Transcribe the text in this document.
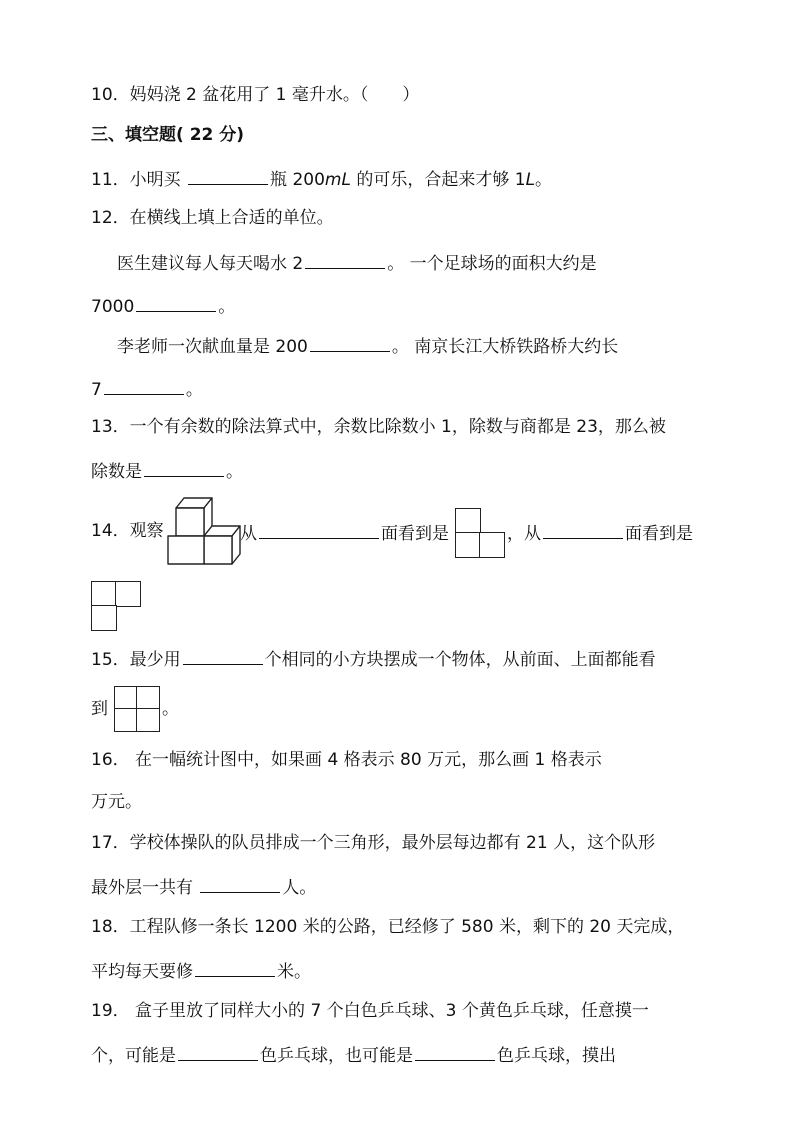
10．妈妈浇 2 盆花用了 1 毫升水。（　　）
三、填空题( 22 分)
11．小明买	瓶 200mL 的可乐，合起来才够 1L。
12．在横线上填上合适的单位。
医生建议每人每天喝水 2	。 一个足球场的面积大约是
7000	。
李老师一次献血量是 200	。 南京长江大桥铁路桥大约长
7	。
13．一个有余数的除法算式中，余数比除数小 1，除数与商都是 23，那么被
除数是	。
14．观察	从	面看到是	，从	面看到是
15．最少用	个相同的小方块摆成一个物体，从前面、上面都能看
到	。
16． 在一幅统计图中，如果画 4 格表示 80 万元，那么画 1 格表示
万元。
17．学校体操队的队员排成一个三角形，最外层每边都有 21 人，这个队形
最外层一共有	人。
18．工程队修一条长 1200 米的公路，已经修了 580 米，剩下的 20 天完成，
平均每天要修	米。
19． 盒子里放了同样大小的 7 个白色乒乓球、3 个黄色乒乓球，任意摸一
个，可能是	色乒乓球，也可能是	色乒乓球，摸出
